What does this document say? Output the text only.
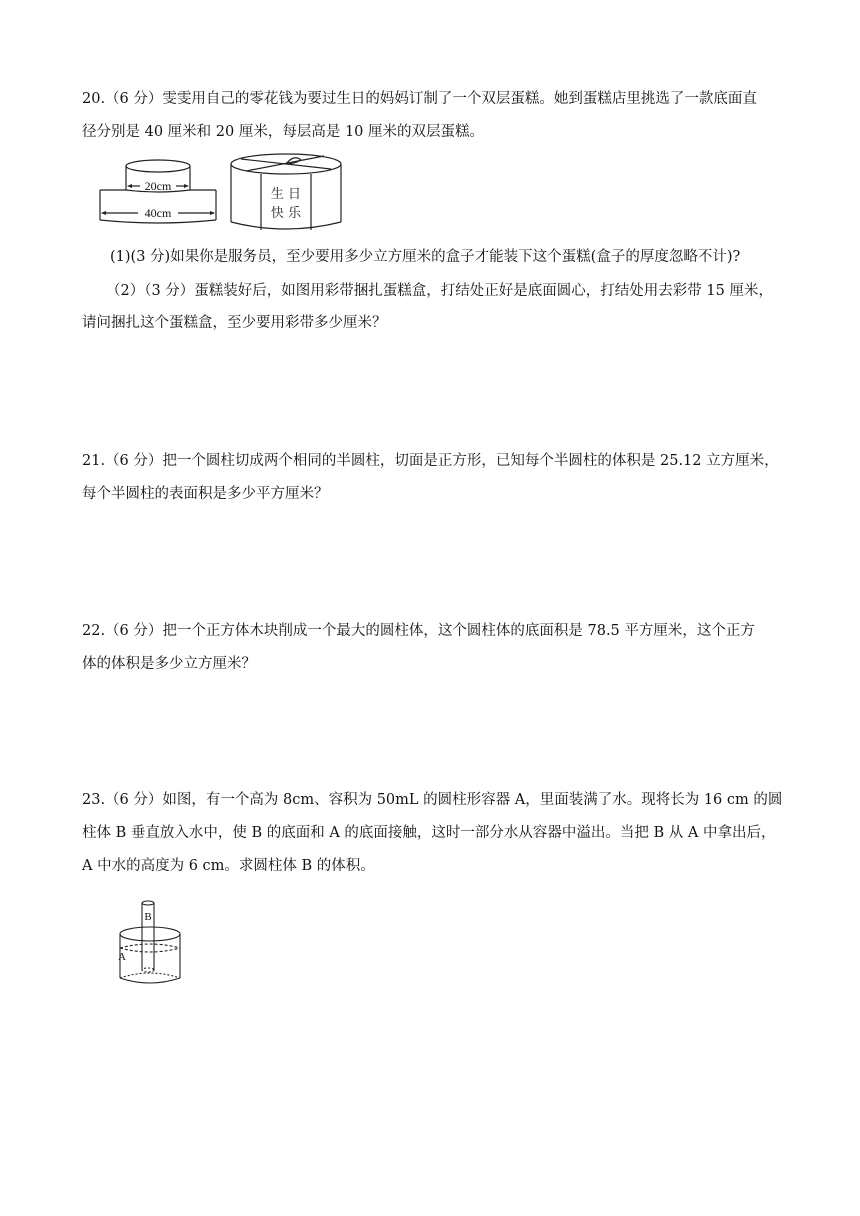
20.（6 分）雯雯用自己的零花钱为要过生日的妈妈订制了一个双层蛋糕。她到蛋糕店里挑选了一款底面直
径分别是 40 厘米和 20 厘米，每层高是 10 厘米的双层蛋糕。
20cm
40cm
生 日
快 乐
(1)(3 分)如果你是服务员，至少要用多少立方厘米的盒子才能装下这个蛋糕(盒子的厚度忽略不计)?
（2）（3 分）蛋糕装好后，如图用彩带捆扎蛋糕盒，打结处正好是底面圆心，打结处用去彩带 15 厘米，
请问捆扎这个蛋糕盒，至少要用彩带多少厘米？
21.（6 分）把一个圆柱切成两个相同的半圆柱，切面是正方形，已知每个半圆柱的体积是 25.12 立方厘米，
每个半圆柱的表面积是多少平方厘米？
22.（6 分）把一个正方体木块削成一个最大的圆柱体，这个圆柱体的底面积是 78.5 平方厘米，这个正方
体的体积是多少立方厘米？
23.（6 分）如图，有一个高为 8cm、容积为 50mL 的圆柱形容器 A，里面装满了水。现将长为 16 cm 的圆
柱体 B 垂直放入水中，使 B 的底面和 A 的底面接触，这时一部分水从容器中溢出。当把 B 从 A 中拿出后，
A 中水的高度为 6 cm。求圆柱体 B 的体积。
B
A
